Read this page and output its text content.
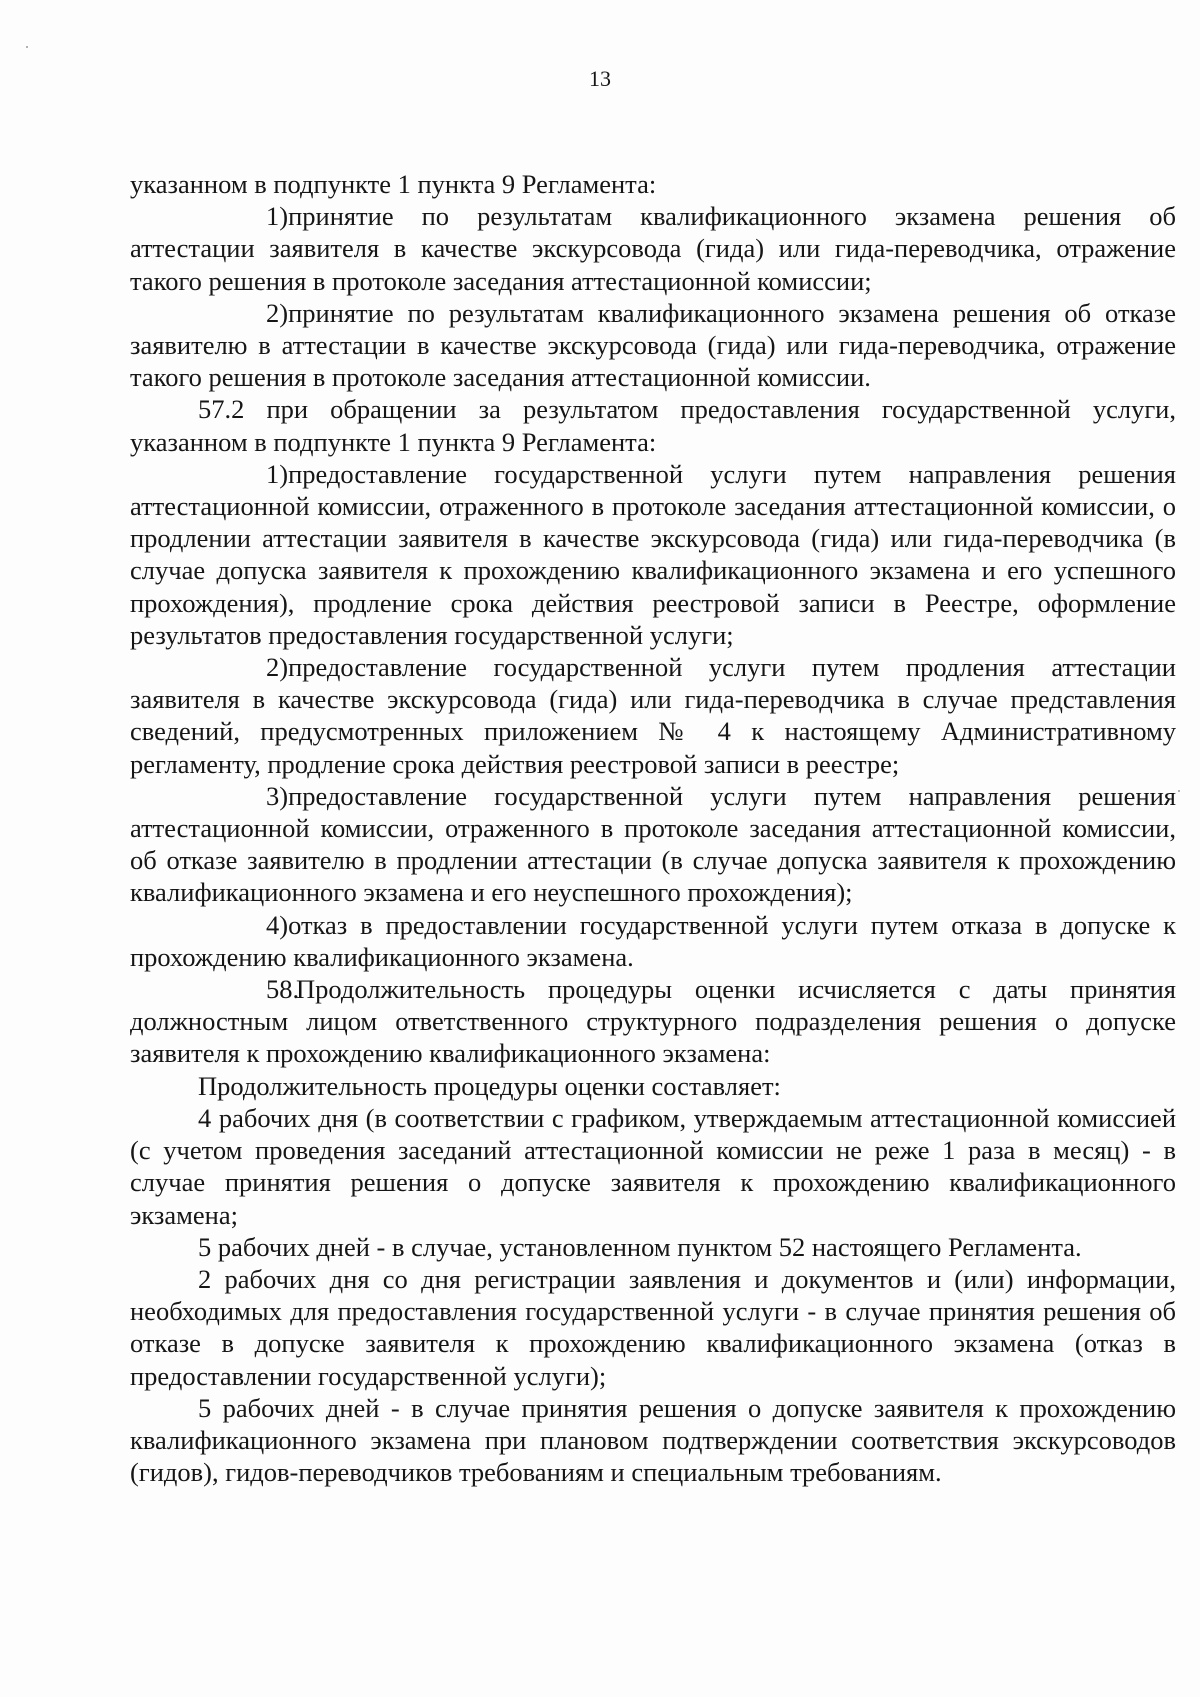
13

указанном в подпункте 1 пункта 9 Регламента:

1)принятие по результатам квалификационного экзамена решения об аттестации заявителя в качестве экскурсовода (гида) или гида-переводчика, отражение такого решения в протоколе заседания аттестационной комиссии;

2)принятие по результатам квалификационного экзамена решения об отказе заявителю в аттестации в качестве экскурсовода (гида) или гида-переводчика, отражение такого решения в протоколе заседания аттестационной комиссии.

57.2 при обращении за результатом предоставления государственной услуги, указанном в подпункте 1 пункта 9 Регламента:

1)предоставление государственной услуги путем направления решения аттестационной комиссии, отраженного в протоколе заседания аттестационной комиссии, о продлении аттестации заявителя в качестве экскурсовода (гида) или гида-переводчика (в случае допуска заявителя к прохождению квалификационного экзамена и его успешного прохождения), продление срока действия реестровой записи в Реестре, оформление результатов предоставления государственной услуги;

2)предоставление государственной услуги путем продления аттестации заявителя в качестве экскурсовода (гида) или гида-переводчика в случае представления сведений, предусмотренных приложением № 4 к настоящему Административному регламенту, продление срока действия реестровой записи в реестре;

3)предоставление государственной услуги путем направления решения аттестационной комиссии, отраженного в протоколе заседания аттестационной комиссии, об отказе заявителю в продлении аттестации (в случае допуска заявителя к прохождению квалификационного экзамена и его неуспешного прохождения);

4)отказ в предоставлении государственной услуги путем отказа в допуске к прохождению квалификационного экзамена.

58.Продолжительность процедуры оценки исчисляется с даты принятия должностным лицом ответственного структурного подразделения решения о допуске заявителя к прохождению квалификационного экзамена:

Продолжительность процедуры оценки составляет:

4 рабочих дня (в соответствии с графиком, утверждаемым аттестационной комиссией (с учетом проведения заседаний аттестационной комиссии не реже 1 раза в месяц) - в случае принятия решения о допуске заявителя к прохождению квалификационного экзамена;

5 рабочих дней - в случае, установленном пунктом 52 настоящего Регламента.

2 рабочих дня со дня регистрации заявления и документов и (или) информации, необходимых для предоставления государственной услуги - в случае принятия решения об отказе в допуске заявителя к прохождению квалификационного экзамена (отказ в предоставлении государственной услуги);

5 рабочих дней - в случае принятия решения о допуске заявителя к прохождению квалификационного экзамена при плановом подтверждении соответствия экскурсоводов (гидов), гидов-переводчиков требованиям и специальным требованиям.
